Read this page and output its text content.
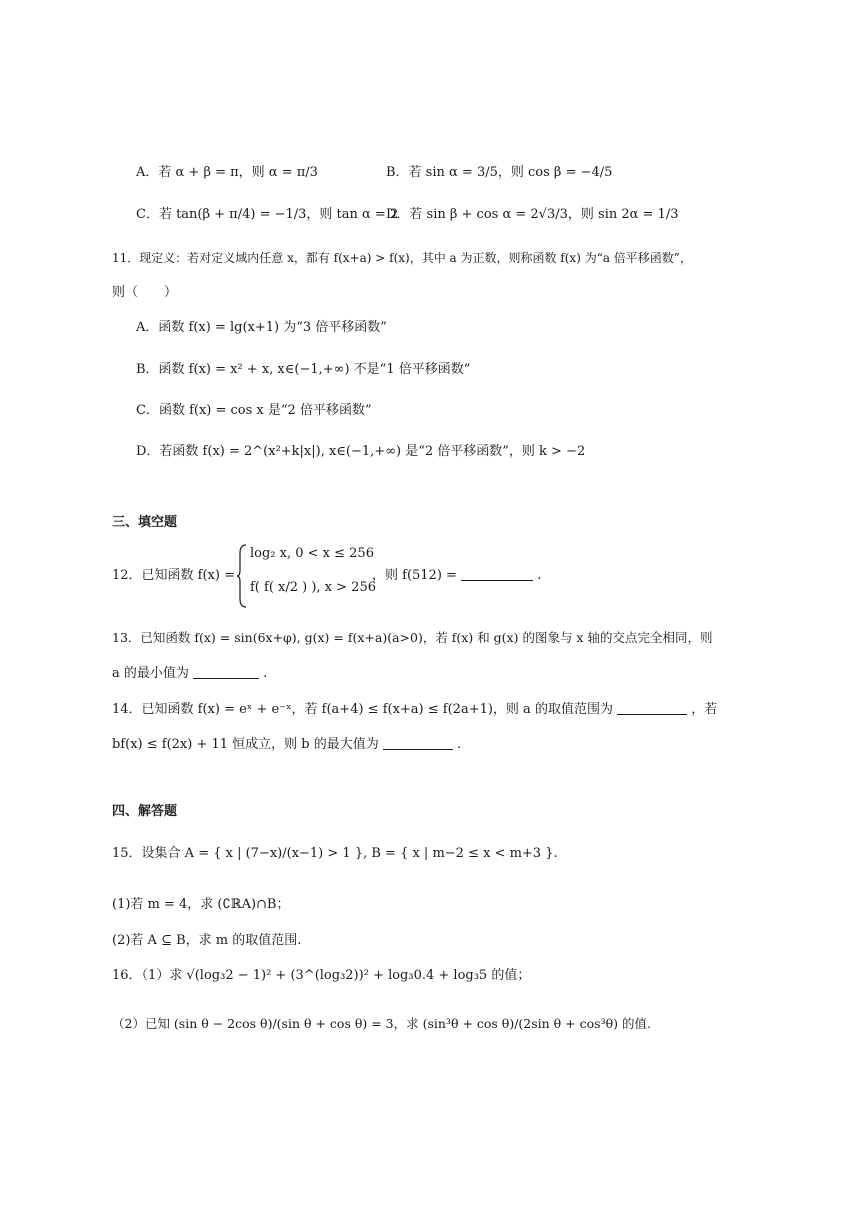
A．若 α + β = π，则 α = π/3	B．若 sin α = 3/5，则 cos β = −4/5
C．若 tan(β + π/4) = −1/3，则 tan α = 2
D．若 sin β + cos α = 2√3/3，则 sin 2α = 1/3
11．现定义：若对定义域内任意 x，都有 f(x+a) > f(x)，其中 a 为正数，则称函数 f(x) 为“a 倍平移函数”，
则（　　）
A．函数 f(x) = lg(x+1) 为“3 倍平移函数”
B．函数 f(x) = x² + x, x∈(−1,+∞) 不是“1 倍平移函数”
C．函数 f(x) = cos x 是“2 倍平移函数”
D．若函数 f(x) = 2^(x²+k|x|), x∈(−1,+∞) 是“2 倍平移函数”，则 k > −2
三、填空题
12．已知函数 f(x) =
log₂ x, 0 < x ≤ 256
f( f( x/2 ) ), x > 256
，则 f(512) =	.
13．已知函数 f(x) = sin(6x+φ), g(x) = f(x+a)(a>0)，若 f(x) 和 g(x) 的图象与 x 轴的交点完全相同，则
a 的最小值为	.
14．已知函数 f(x) = eˣ + e⁻ˣ，若 f(a+4) ≤ f(x+a) ≤ f(2a+1)，则 a 的取值范围为	，若
bf(x) ≤ f(2x) + 11 恒成立，则 b 的最大值为	.
四、解答题
15．设集合 A = { x | (7−x)/(x−1) > 1 }, B = { x | m−2 ≤ x < m+3 }.
(1)若 m = 4，求 (∁ℝA)∩B；
(2)若 A ⊆ B，求 m 的取值范围.
16．（1）求 √(log₃2 − 1)² + (3^(log₃2))² + log₃0.4 + log₃5 的值；
（2）已知 (sin θ − 2cos θ)/(sin θ + cos θ) = 3，求 (sin³θ + cos θ)/(2sin θ + cos³θ) 的值.
